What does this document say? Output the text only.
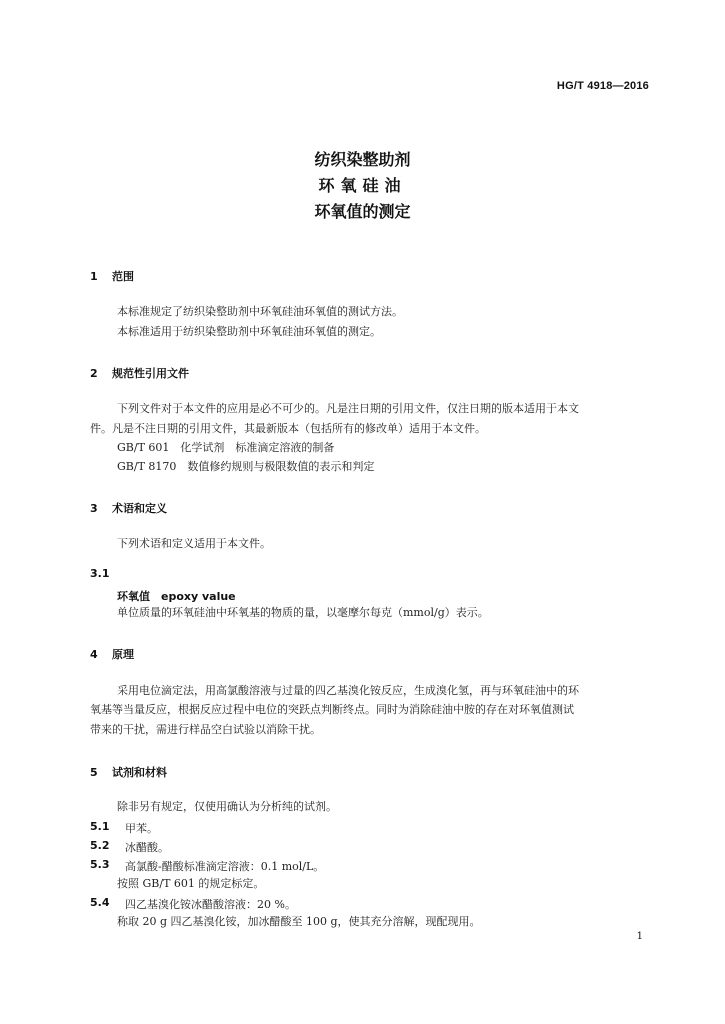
HG/T 4918—2016
纺织染整助剂
环氧硅油
环氧值的测定
1 范围
本标准规定了纺织染整助剂中环氧硅油环氧值的测试方法。
本标准适用于纺织染整助剂中环氧硅油环氧值的测定。
2 规范性引用文件
下列文件对于本文件的应用是必不可少的。凡是注日期的引用文件，仅注日期的版本适用于本文
件。凡是不注日期的引用文件，其最新版本（包括所有的修改单）适用于本文件。
GB/T 601　化学试剂　标准滴定溶液的制备
GB/T 8170　数值修约规则与极限数值的表示和判定
3 术语和定义
下列术语和定义适用于本文件。
3.1
环氧值　epoxy value
单位质量的环氧硅油中环氧基的物质的量，以毫摩尔每克（mmol/g）表示。
4 原理
采用电位滴定法，用高氯酸溶液与过量的四乙基溴化铵反应，生成溴化氢，再与环氧硅油中的环
氧基等当量反应，根据反应过程中电位的突跃点判断终点。同时为消除硅油中胺的存在对环氧值测试
带来的干扰，需进行样品空白试验以消除干扰。
5 试剂和材料
除非另有规定，仅使用确认为分析纯的试剂。
5.1 甲苯。
5.2 冰醋酸。
5.3 高氯酸-醋酸标准滴定溶液：0.1 mol/L。
按照 GB/T 601 的规定标定。
5.4 四乙基溴化铵冰醋酸溶液：20 %。
称取 20 g 四乙基溴化铵，加冰醋酸至 100 g，使其充分溶解，现配现用。
1
